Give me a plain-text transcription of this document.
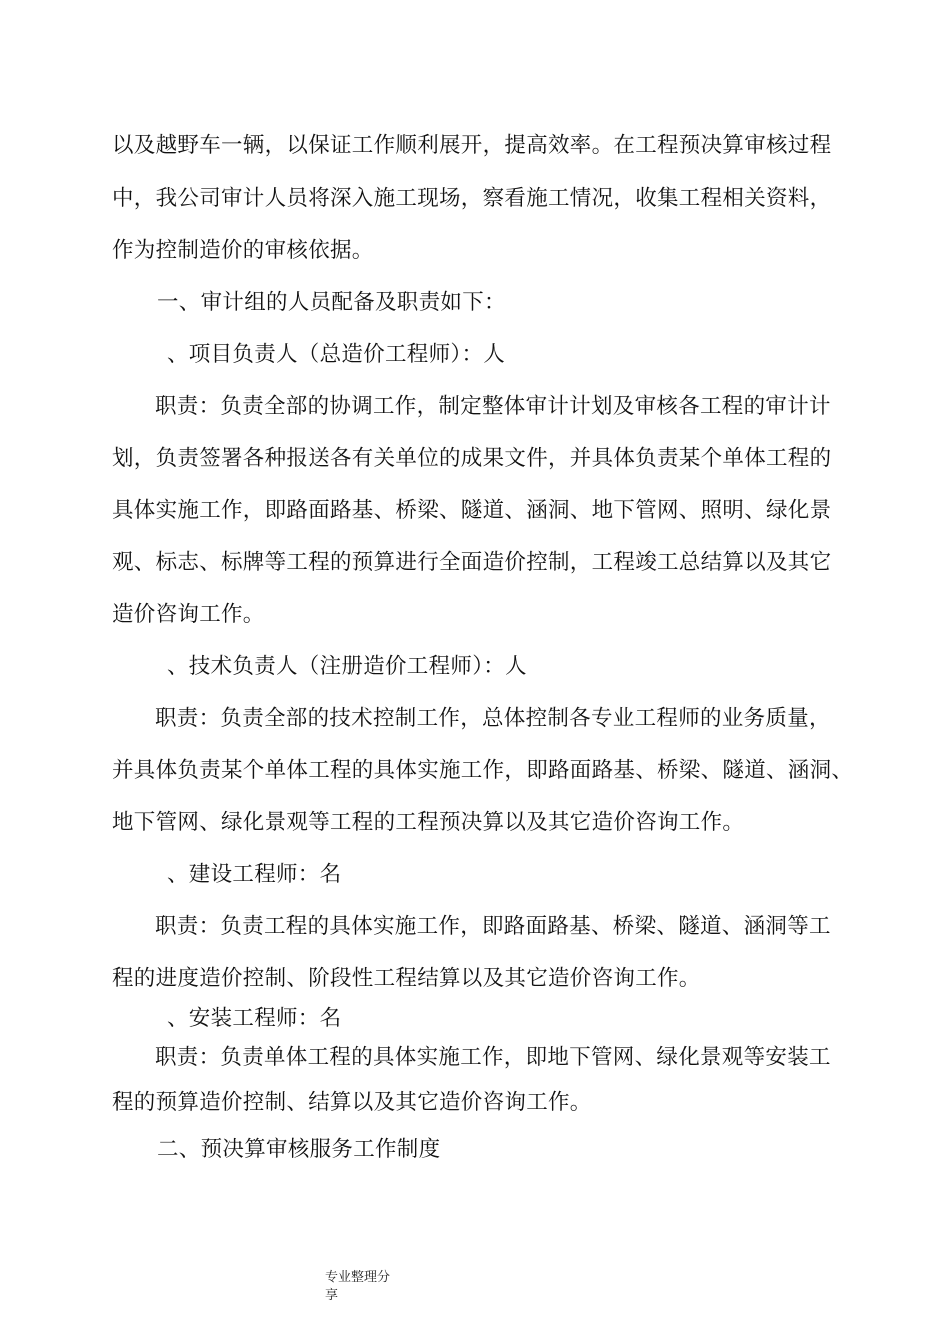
以及越野车一辆，以保证工作顺利展开，提高效率。在工程预决算审核过程
中，我公司审计人员将深入施工现场，察看施工情况，收集工程相关资料，
作为控制造价的审核依据。
一、审计组的人员配备及职责如下：
、项目负责人（总造价工程师）：人
职责：负责全部的协调工作，制定整体审计计划及审核各工程的审计计
划，负责签署各种报送各有关单位的成果文件，并具体负责某个单体工程的
具体实施工作，即路面路基、桥梁、隧道、涵洞、地下管网、照明、绿化景
观、标志、标牌等工程的预算进行全面造价控制，工程竣工总结算以及其它
造价咨询工作。
、技术负责人（注册造价工程师）：人
职责：负责全部的技术控制工作，总体控制各专业工程师的业务质量，
并具体负责某个单体工程的具体实施工作，即路面路基、桥梁、隧道、涵洞、
地下管网、绿化景观等工程的工程预决算以及其它造价咨询工作。
、建设工程师：名
职责：负责工程的具体实施工作，即路面路基、桥梁、隧道、涵洞等工
程的进度造价控制、阶段性工程结算以及其它造价咨询工作。
、安装工程师：名
职责：负责单体工程的具体实施工作，即地下管网、绿化景观等安装工
程的预算造价控制、结算以及其它造价咨询工作。
二、预决算审核服务工作制度
专业整理分
享
